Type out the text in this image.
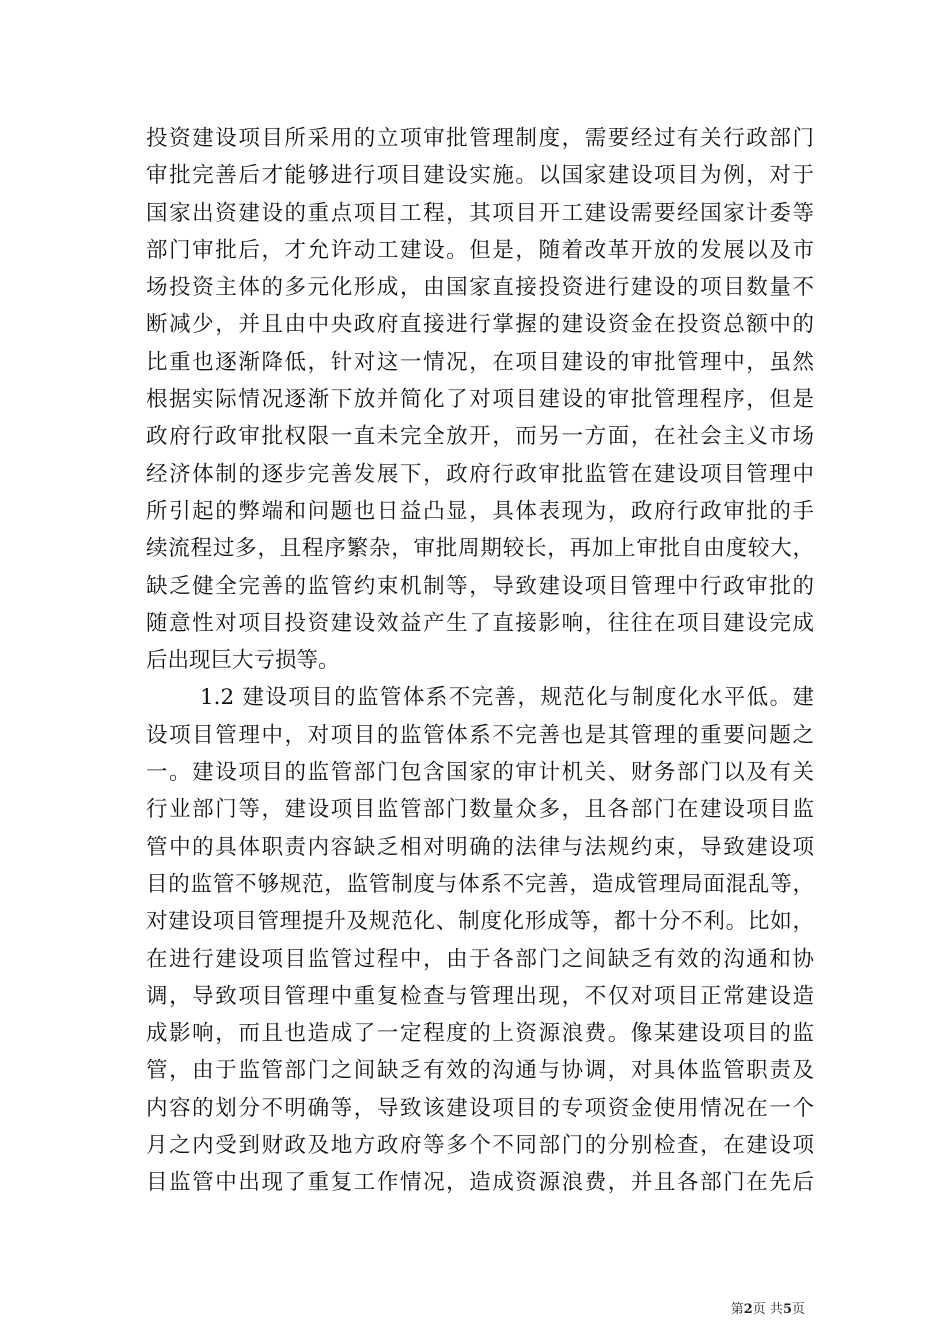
投资建设项目所采用的立项审批管理制度，需要经过有关行政部门
审批完善后才能够进行项目建设实施。以国家建设项目为例，对于
国家出资建设的重点项目工程，其项目开工建设需要经国家计委等
部门审批后，才允许动工建设。但是，随着改革开放的发展以及市
场投资主体的多元化形成，由国家直接投资进行建设的项目数量不
断减少，并且由中央政府直接进行掌握的建设资金在投资总额中的
比重也逐渐降低，针对这一情况，在项目建设的审批管理中，虽然
根据实际情况逐渐下放并简化了对项目建设的审批管理程序，但是
政府行政审批权限一直未完全放开，而另一方面，在社会主义市场
经济体制的逐步完善发展下，政府行政审批监管在建设项目管理中
所引起的弊端和问题也日益凸显，具体表现为，政府行政审批的手
续流程过多，且程序繁杂，审批周期较长，再加上审批自由度较大，
缺乏健全完善的监管约束机制等，导致建设项目管理中行政审批的
随意性对项目投资建设效益产生了直接影响，往往在项目建设完成
后出现巨大亏损等。
1.2 建设项目的监管体系不完善，规范化与制度化水平低。建
设项目管理中，对项目的监管体系不完善也是其管理的重要问题之
一。建设项目的监管部门包含国家的审计机关、财务部门以及有关
行业部门等，建设项目监管部门数量众多，且各部门在建设项目监
管中的具体职责内容缺乏相对明确的法律与法规约束，导致建设项
目的监管不够规范，监管制度与体系不完善，造成管理局面混乱等，
对建设项目管理提升及规范化、制度化形成等，都十分不利。比如，
在进行建设项目监管过程中，由于各部门之间缺乏有效的沟通和协
调，导致项目管理中重复检查与管理出现，不仅对项目正常建设造
成影响，而且也造成了一定程度的上资源浪费。像某建设项目的监
管，由于监管部门之间缺乏有效的沟通与协调，对具体监管职责及
内容的划分不明确等，导致该建设项目的专项资金使用情况在一个
月之内受到财政及地方政府等多个不同部门的分别检查，在建设项
目监管中出现了重复工作情况，造成资源浪费，并且各部门在先后
第2页 共5页
